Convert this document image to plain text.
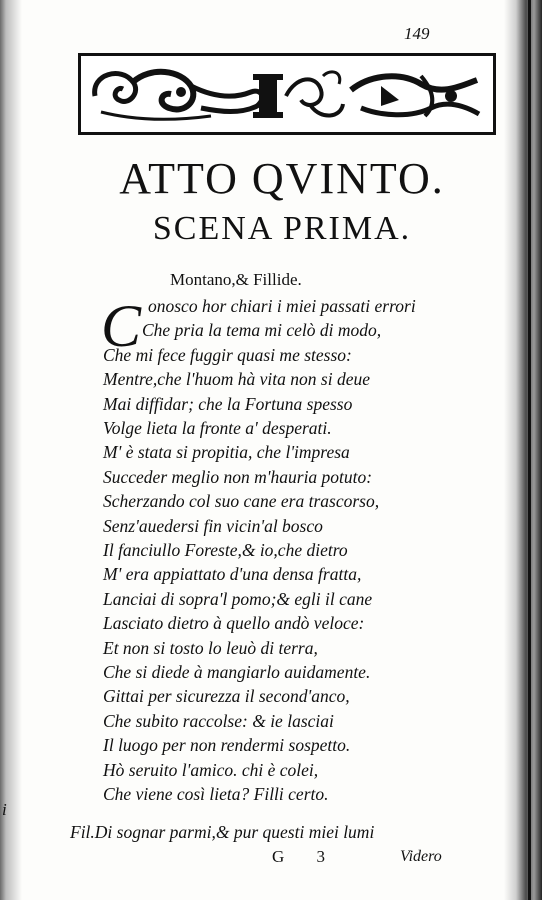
149
ATTO QVINTO.
SCENA PRIMA.
Montano,& Fillide.
C onosco hor chiari i miei passati errori
Che pria la tema mi celò di modo,
Che mi fece fuggir quasi me stesso:
Mentre,che l'huom hà vita non si deue
Mai diffidar; che la Fortuna spesso
Volge lieta la fronte a' desperati.
M' è stata si propitia, che l'impresa
Succeder meglio non m'hauria potuto:
Scherzando col suo cane era trascorso,
Senz'auedersi fin vicin'al bosco
Il fanciullo Foreste,& io,che dietro
M' era appiattato d'una densa fratta,
Lanciai di sopra'l pomo;& egli il cane
Lasciato dietro à quello andò veloce:
Et non si tosto lo leuò di terra,
Che si diede à mangiarlo auidamente.
Gittai per sicurezza il second'anco,
Che subito raccolse: & ie lasciai
Il luogo per non rendermi sospetto.
Hò seruito l'amico. chi è colei,
Che viene così lieta? Filli certo.
i
Fil.Di sognar parmi,& pur questi miei lumi
G 3	Videro
